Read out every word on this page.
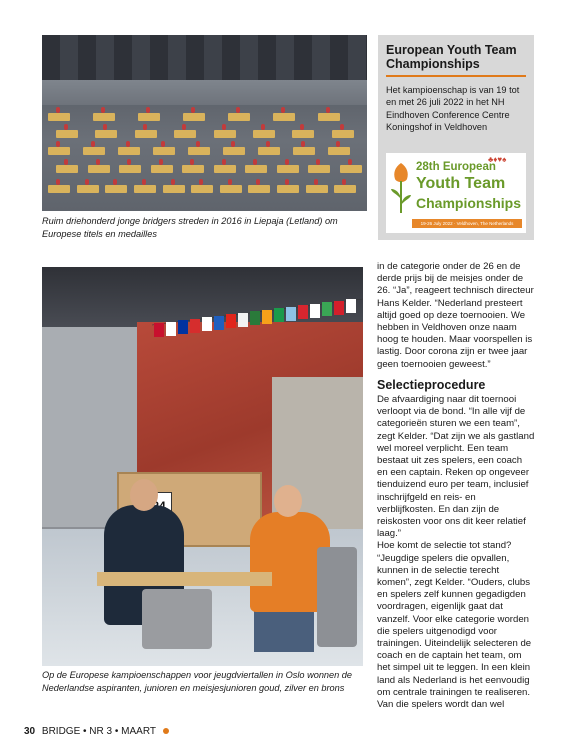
Ruim driehonderd jonge bridgers streden in 2016 in Liepaja (Letland) om Europese titels en medailles
European Youth Team Championships
Het kampioenschap is van 19 tot en met 26 juli 2022 in het NH Eindhoven Conference Centre Koningshof in Veldhoven
♣♦♥♠
28th European
Youth Team
Championships
19-26 July 2022 · Veldhoven, The Netherlands
Op de Europese kampioenschappen voor jeugdviertallen in Oslo wonnen de Nederlandse aspiranten, junioren en meisjesjunioren goud, zilver en brons
in de categorie onder de 26 en de derde prijs bij de meisjes onder de 26. “Ja”, reageert technisch directeur Hans Kelder. “Nederland presteert altijd goed op deze toernooien. We hebben in Veldhoven onze naam hoog te houden. Maar voorspellen is lastig. Door corona zijn er twee jaar geen toernooien geweest.”
Selectieprocedure
De afvaardiging naar dit toernooi verloopt via de bond. “In alle vijf de categorieën sturen we een team”, zegt Kelder. “Dat zijn we als gastland wel moreel verplicht. Een team bestaat uit zes spelers, een coach en een captain. Reken op ongeveer tienduizend euro per team, inclusief inschrijfgeld en reis- en verblijfkosten. En dan zijn de reiskosten voor ons dit keer relatief laag.”
Hoe komt de selectie tot stand? “Jeugdige spelers die opvallen, kunnen in de selectie terecht komen”, zegt Kelder. “Ouders, clubs en spelers zelf kunnen gegadigden voordragen, eigenlijk gaat dat vanzelf. Voor elke categorie worden die spelers uitgenodigd voor trainingen. Uiteindelijk selecteren de coach en de captain het team, om het simpel uit te leggen. In een klein land als Nederland is het eenvoudig om centrale trainingen te realiseren. Van die spelers wordt dan wel
30 BRIDGE • NR 3 • MAART
